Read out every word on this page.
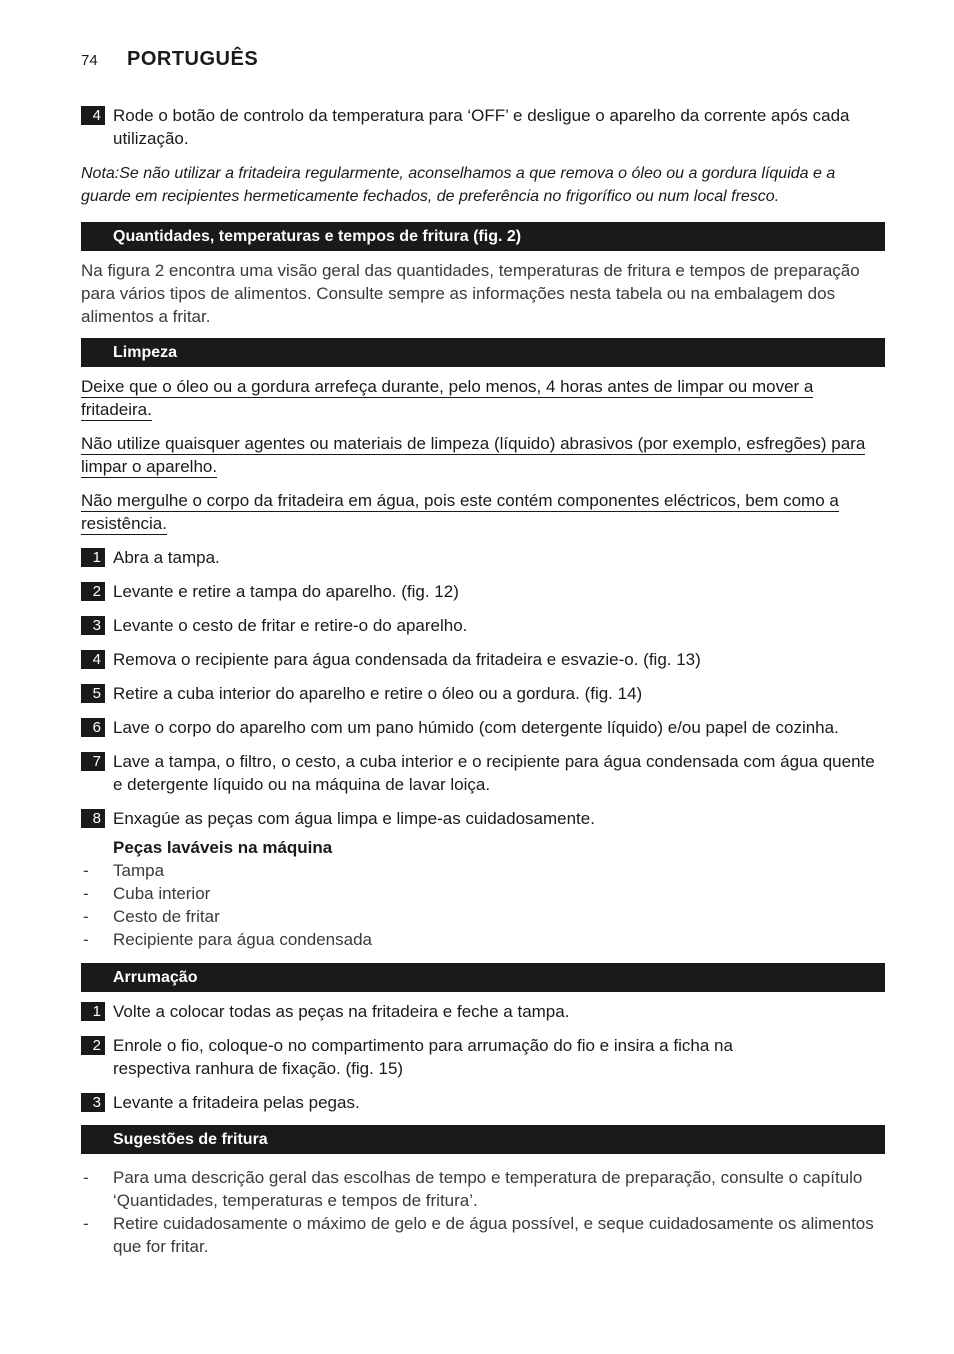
74 PORTUGUÊS
4 Rode o botão de controlo da temperatura para ‘OFF’ e desligue o aparelho da corrente após cada utilização.
Nota:Se não utilizar a fritadeira regularmente, aconselhamos a que remova o óleo ou a gordura líquida e a guarde em recipientes hermeticamente fechados, de preferência no frigorífico ou num local fresco.
Quantidades, temperaturas e tempos de fritura (fig. 2)
Na figura 2 encontra uma visão geral das quantidades, temperaturas de fritura e tempos de preparação para vários tipos de alimentos. Consulte sempre as informações nesta tabela ou na embalagem dos alimentos a fritar.
Limpeza
Deixe que o óleo ou a gordura arrefeça durante, pelo menos, 4 horas antes de limpar ou mover a fritadeira.
Não utilize quaisquer agentes ou materiais de limpeza (líquido) abrasivos (por exemplo, esfregões) para limpar o aparelho.
Não mergulhe o corpo da fritadeira em água, pois este contém componentes eléctricos, bem como a resistência.
1 Abra a tampa.
2 Levante e retire a tampa do aparelho. (fig. 12)
3 Levante o cesto de fritar e retire-o do aparelho.
4 Remova o recipiente para água condensada da fritadeira e esvazie-o. (fig. 13)
5 Retire a cuba interior do aparelho e retire o óleo ou a gordura. (fig. 14)
6 Lave o corpo do aparelho com um pano húmido (com detergente líquido) e/ou papel de cozinha.
7 Lave a tampa, o filtro, o cesto, a cuba interior e o recipiente para água condensada com água quente e detergente líquido ou na máquina de lavar loiça.
8 Enxagúe as peças com água limpa e limpe-as cuidadosamente.
Peças laváveis na máquina
- Tampa
- Cuba interior
- Cesto de fritar
- Recipiente para água condensada
Arrumação
1 Volte a colocar todas as peças na fritadeira e feche a tampa.
2 Enrole o fio, coloque-o no compartimento para arrumação do fio e insira a ficha na respectiva ranhura de fixação. (fig. 15)
3 Levante a fritadeira pelas pegas.
Sugestões de fritura
- Para uma descrição geral das escolhas de tempo e temperatura de preparação, consulte o capítulo ‘Quantidades, temperaturas e tempos de fritura’.
- Retire cuidadosamente o máximo de gelo e de água possível, e seque cuidadosamente os alimentos que for fritar.
